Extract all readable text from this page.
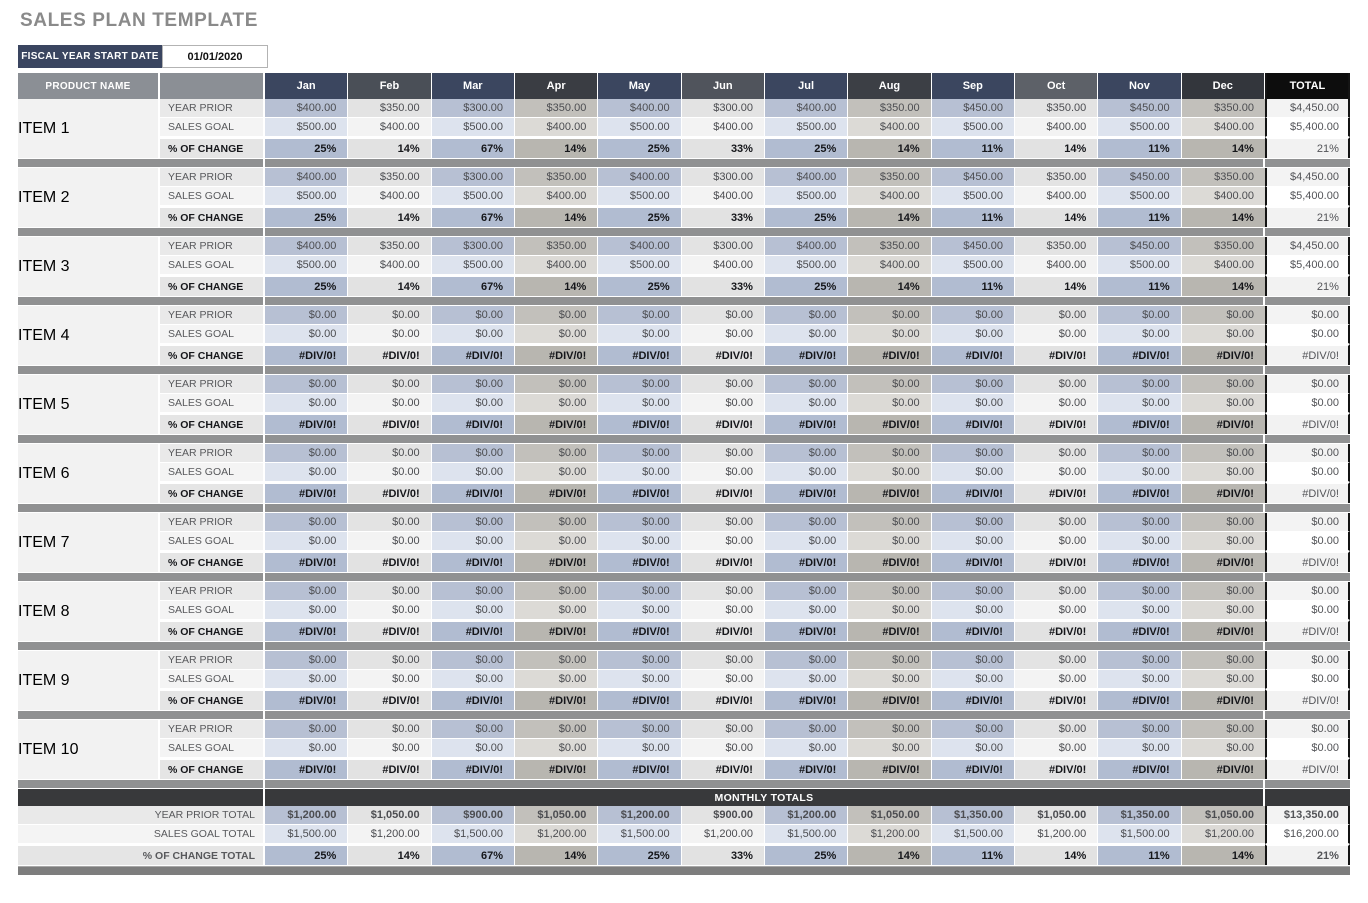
SALES PLAN TEMPLATE
FISCAL YEAR START DATE	01/01/2020
PRODUCT NAME	Jan	Feb	Mar	Apr	May	Jun	Jul	Aug	Sep	Oct	Nov	Dec	TOTAL
ITEM 1
YEAR PRIOR	$400.00	$350.00	$300.00	$350.00	$400.00	$300.00	$400.00	$350.00	$450.00	$350.00	$450.00	$350.00	$4,450.00
SALES GOAL	$500.00	$400.00	$500.00	$400.00	$500.00	$400.00	$500.00	$400.00	$500.00	$400.00	$500.00	$400.00	$5,400.00
% OF CHANGE	25%	14%	67%	14%	25%	33%	25%	14%	11%	14%	11%	14%	21%
ITEM 2
YEAR PRIOR	$400.00	$350.00	$300.00	$350.00	$400.00	$300.00	$400.00	$350.00	$450.00	$350.00	$450.00	$350.00	$4,450.00
SALES GOAL	$500.00	$400.00	$500.00	$400.00	$500.00	$400.00	$500.00	$400.00	$500.00	$400.00	$500.00	$400.00	$5,400.00
% OF CHANGE	25%	14%	67%	14%	25%	33%	25%	14%	11%	14%	11%	14%	21%
ITEM 3
YEAR PRIOR	$400.00	$350.00	$300.00	$350.00	$400.00	$300.00	$400.00	$350.00	$450.00	$350.00	$450.00	$350.00	$4,450.00
SALES GOAL	$500.00	$400.00	$500.00	$400.00	$500.00	$400.00	$500.00	$400.00	$500.00	$400.00	$500.00	$400.00	$5,400.00
% OF CHANGE	25%	14%	67%	14%	25%	33%	25%	14%	11%	14%	11%	14%	21%
ITEM 4
YEAR PRIOR	$0.00	$0.00	$0.00	$0.00	$0.00	$0.00	$0.00	$0.00	$0.00	$0.00	$0.00	$0.00	$0.00
SALES GOAL	$0.00	$0.00	$0.00	$0.00	$0.00	$0.00	$0.00	$0.00	$0.00	$0.00	$0.00	$0.00	$0.00
% OF CHANGE	#DIV/0!	#DIV/0!	#DIV/0!	#DIV/0!	#DIV/0!	#DIV/0!	#DIV/0!	#DIV/0!	#DIV/0!	#DIV/0!	#DIV/0!	#DIV/0!	#DIV/0!
ITEM 5
YEAR PRIOR	$0.00	$0.00	$0.00	$0.00	$0.00	$0.00	$0.00	$0.00	$0.00	$0.00	$0.00	$0.00	$0.00
SALES GOAL	$0.00	$0.00	$0.00	$0.00	$0.00	$0.00	$0.00	$0.00	$0.00	$0.00	$0.00	$0.00	$0.00
% OF CHANGE	#DIV/0!	#DIV/0!	#DIV/0!	#DIV/0!	#DIV/0!	#DIV/0!	#DIV/0!	#DIV/0!	#DIV/0!	#DIV/0!	#DIV/0!	#DIV/0!	#DIV/0!
ITEM 6
YEAR PRIOR	$0.00	$0.00	$0.00	$0.00	$0.00	$0.00	$0.00	$0.00	$0.00	$0.00	$0.00	$0.00	$0.00
SALES GOAL	$0.00	$0.00	$0.00	$0.00	$0.00	$0.00	$0.00	$0.00	$0.00	$0.00	$0.00	$0.00	$0.00
% OF CHANGE	#DIV/0!	#DIV/0!	#DIV/0!	#DIV/0!	#DIV/0!	#DIV/0!	#DIV/0!	#DIV/0!	#DIV/0!	#DIV/0!	#DIV/0!	#DIV/0!	#DIV/0!
ITEM 7
YEAR PRIOR	$0.00	$0.00	$0.00	$0.00	$0.00	$0.00	$0.00	$0.00	$0.00	$0.00	$0.00	$0.00	$0.00
SALES GOAL	$0.00	$0.00	$0.00	$0.00	$0.00	$0.00	$0.00	$0.00	$0.00	$0.00	$0.00	$0.00	$0.00
% OF CHANGE	#DIV/0!	#DIV/0!	#DIV/0!	#DIV/0!	#DIV/0!	#DIV/0!	#DIV/0!	#DIV/0!	#DIV/0!	#DIV/0!	#DIV/0!	#DIV/0!	#DIV/0!
ITEM 8
YEAR PRIOR	$0.00	$0.00	$0.00	$0.00	$0.00	$0.00	$0.00	$0.00	$0.00	$0.00	$0.00	$0.00	$0.00
SALES GOAL	$0.00	$0.00	$0.00	$0.00	$0.00	$0.00	$0.00	$0.00	$0.00	$0.00	$0.00	$0.00	$0.00
% OF CHANGE	#DIV/0!	#DIV/0!	#DIV/0!	#DIV/0!	#DIV/0!	#DIV/0!	#DIV/0!	#DIV/0!	#DIV/0!	#DIV/0!	#DIV/0!	#DIV/0!	#DIV/0!
ITEM 9
YEAR PRIOR	$0.00	$0.00	$0.00	$0.00	$0.00	$0.00	$0.00	$0.00	$0.00	$0.00	$0.00	$0.00	$0.00
SALES GOAL	$0.00	$0.00	$0.00	$0.00	$0.00	$0.00	$0.00	$0.00	$0.00	$0.00	$0.00	$0.00	$0.00
% OF CHANGE	#DIV/0!	#DIV/0!	#DIV/0!	#DIV/0!	#DIV/0!	#DIV/0!	#DIV/0!	#DIV/0!	#DIV/0!	#DIV/0!	#DIV/0!	#DIV/0!	#DIV/0!
ITEM 10
YEAR PRIOR	$0.00	$0.00	$0.00	$0.00	$0.00	$0.00	$0.00	$0.00	$0.00	$0.00	$0.00	$0.00	$0.00
SALES GOAL	$0.00	$0.00	$0.00	$0.00	$0.00	$0.00	$0.00	$0.00	$0.00	$0.00	$0.00	$0.00	$0.00
% OF CHANGE	#DIV/0!	#DIV/0!	#DIV/0!	#DIV/0!	#DIV/0!	#DIV/0!	#DIV/0!	#DIV/0!	#DIV/0!	#DIV/0!	#DIV/0!	#DIV/0!	#DIV/0!
MONTHLY TOTALS
YEAR PRIOR TOTAL	$1,200.00	$1,050.00	$900.00	$1,050.00	$1,200.00	$900.00	$1,200.00	$1,050.00	$1,350.00	$1,050.00	$1,350.00	$1,050.00	$13,350.00
SALES GOAL TOTAL	$1,500.00	$1,200.00	$1,500.00	$1,200.00	$1,500.00	$1,200.00	$1,500.00	$1,200.00	$1,500.00	$1,200.00	$1,500.00	$1,200.00	$16,200.00
% OF CHANGE TOTAL	25%	14%	67%	14%	25%	33%	25%	14%	11%	14%	11%	14%	21%
